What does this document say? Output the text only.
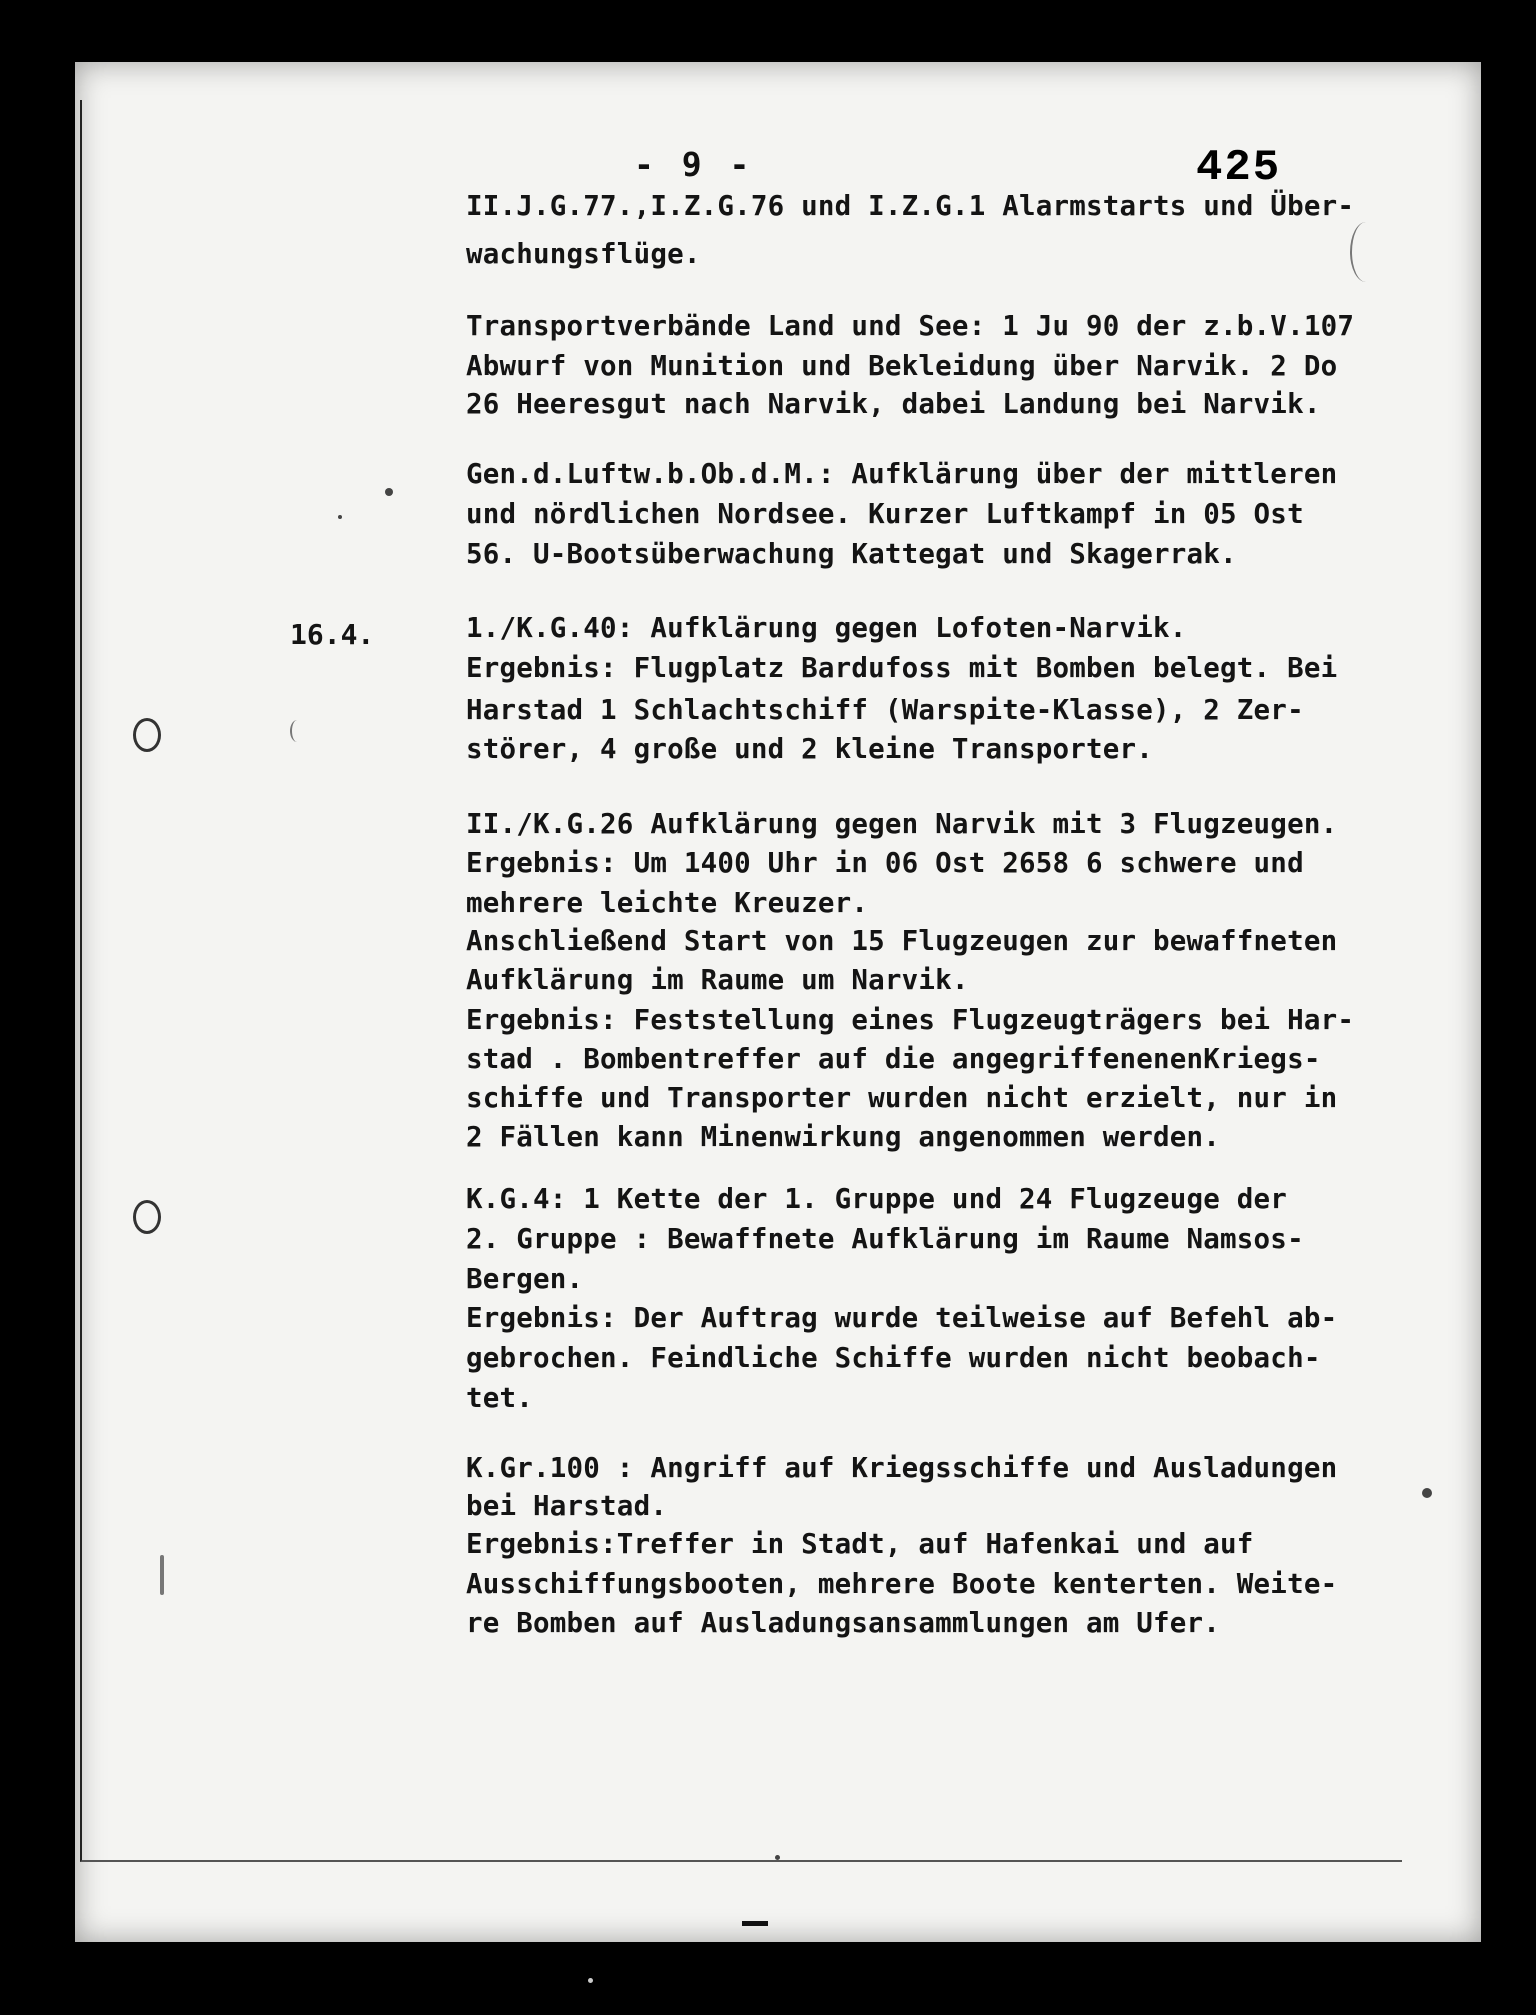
- 9 -	425
16.4.
II.J.G.77.,I.Z.G.76 und I.Z.G.1 Alarmstarts und Über-
wachungsflüge.
Transportverbände Land und See: 1 Ju 90 der z.b.V.107
Abwurf von Munition und Bekleidung über Narvik. 2 Do
26 Heeresgut nach Narvik, dabei Landung bei Narvik.
Gen.d.Luftw.b.Ob.d.M.: Aufklärung über der mittleren
und nördlichen Nordsee. Kurzer Luftkampf in 05 Ost
56. U-Bootsüberwachung Kattegat und Skagerrak.
1./K.G.40: Aufklärung gegen Lofoten-Narvik.
Ergebnis: Flugplatz Bardufoss mit Bomben belegt. Bei
Harstad 1 Schlachtschiff (Warspite-Klasse), 2 Zer-
störer, 4 große und 2 kleine Transporter.
II./K.G.26 Aufklärung gegen Narvik mit 3 Flugzeugen.
Ergebnis: Um 1400 Uhr in 06 Ost 2658 6 schwere und
mehrere leichte Kreuzer.
Anschließend Start von 15 Flugzeugen zur bewaffneten
Aufklärung im Raume um Narvik.
Ergebnis: Feststellung eines Flugzeugträgers bei Har-
stad . Bombentreffer auf die angegriffenenenKriegs-
schiffe und Transporter wurden nicht erzielt, nur in
2 Fällen kann Minenwirkung angenommen werden.
K.G.4: 1 Kette der 1. Gruppe und 24 Flugzeuge der
2. Gruppe : Bewaffnete Aufklärung im Raume Namsos-
Bergen.
Ergebnis: Der Auftrag wurde teilweise auf Befehl ab-
gebrochen. Feindliche Schiffe wurden nicht beobach-
tet.
K.Gr.100 : Angriff auf Kriegsschiffe und Ausladungen
bei Harstad.
Ergebnis:Treffer in Stadt, auf Hafenkai und auf
Ausschiffungsbooten, mehrere Boote kenterten. Weite-
re Bomben auf Ausladungsansammlungen am Ufer.
